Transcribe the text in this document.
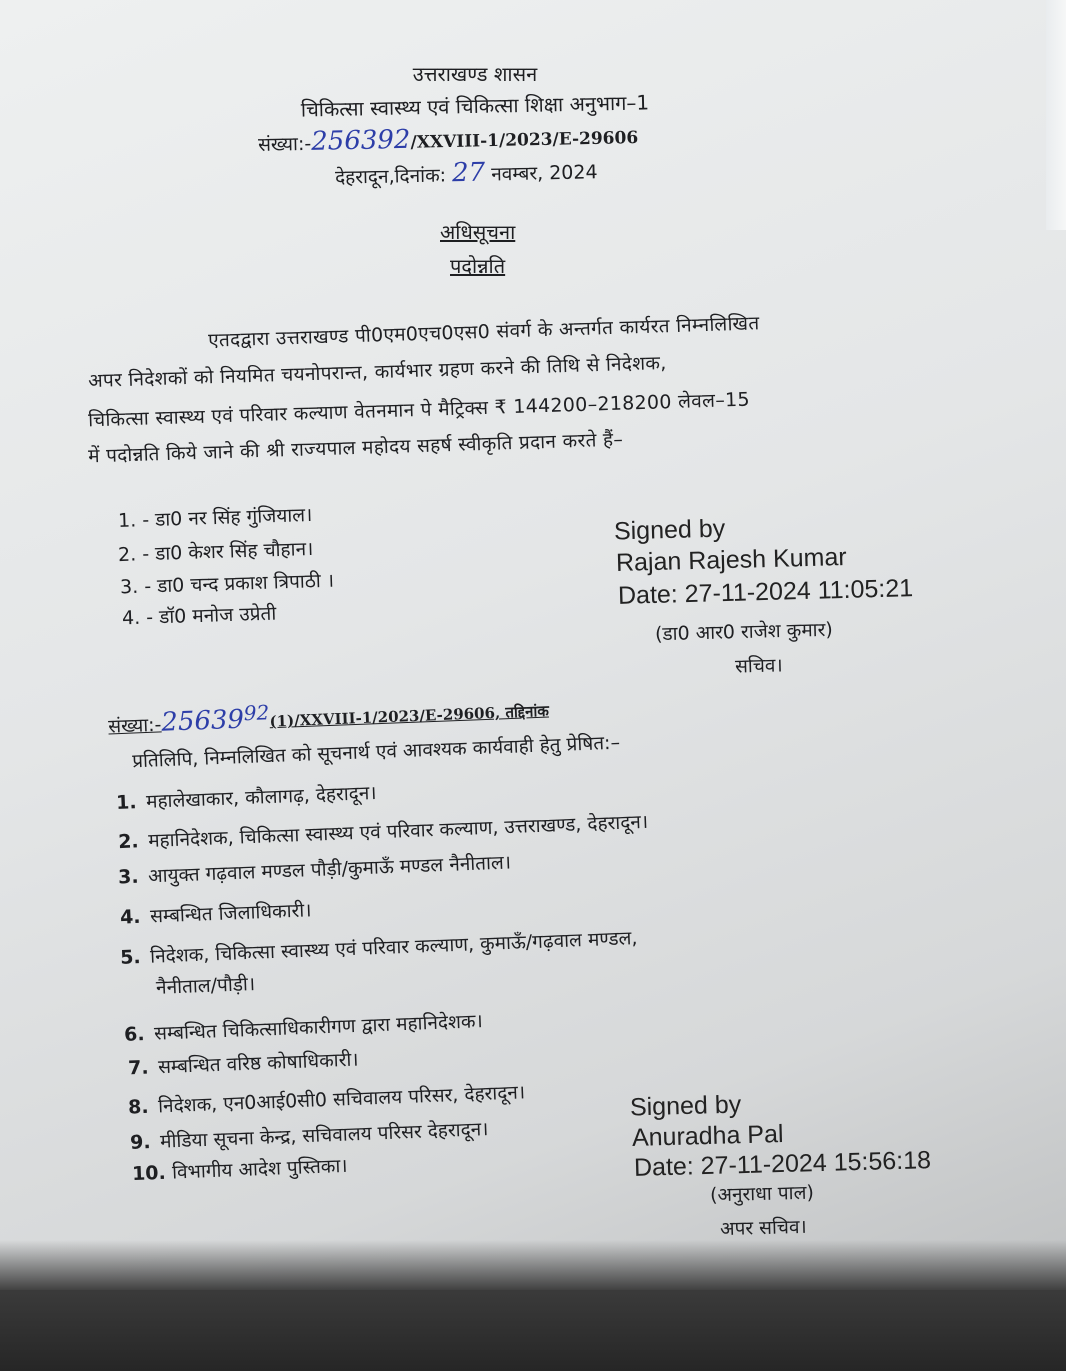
उत्तराखण्ड शासन
चिकित्सा स्वास्थ्य एवं चिकित्सा शिक्षा अनुभाग–1
संख्या:-256392/XXVIII-1/2023/E-29606
देहरादून,दिनांक: 27 नवम्बर, 2024
अधिसूचना
पदोन्नति
एतदद्वारा उत्तराखण्ड पी0एम0एच0एस0 संवर्ग के अन्तर्गत कार्यरत निम्नलिखित
अपर निदेशकों को नियमित चयनोपरान्त, कार्यभार ग्रहण करने की तिथि से निदेशक,
चिकित्सा स्वास्थ्य एवं परिवार कल्याण वेतनमान पे मैट्रिक्स ₹ 144200–218200 लेवल–15
में पदोन्नति किये जाने की श्री राज्यपाल महोदय सहर्ष स्वीकृति प्रदान करते हैं–
1. - डा0 नर सिंह गुंजियाल।
2. - डा0 केशर सिंह चौहान।
3. - डा0 चन्द प्रकाश त्रिपाठी ।
4. - डॉ0 मनोज उप्रेती
Signed by
Rajan Rajesh Kumar
Date: 27-11-2024 11:05:21
(डा0 आर0 राजेश कुमार)
सचिव।
संख्या:-25639$^{92}$(1)/XXVIII-1/2023/E-29606, तद्दिनांक
प्रतिलिपि, निम्नलिखित को सूचनार्थ एवं आवश्यक कार्यवाही हेतु प्रेषित:–
1. महालेखाकार, कौलागढ़, देहरादून।
2. महानिदेशक, चिकित्सा स्वास्थ्य एवं परिवार कल्याण, उत्तराखण्ड, देहरादून।
3. आयुक्त गढ़वाल मण्डल पौड़ी/कुमाऊँ मण्डल नैनीताल।
4. सम्बन्धित जिलाधिकारी।
5. निदेशक, चिकित्सा स्वास्थ्य एवं परिवार कल्याण, कुमाऊँ/गढ़वाल मण्डल,
नैनीताल/पौड़ी।
6. सम्बन्धित चिकित्साधिकारीगण द्वारा महानिदेशक।
7. सम्बन्धित वरिष्ठ कोषाधिकारी।
8. निदेशक, एन0आई0सी0 सचिवालय परिसर, देहरादून।
9. मीडिया सूचना केन्द्र, सचिवालय परिसर देहरादून।
10. विभागीय आदेश पुस्तिका।
Signed by
Anuradha Pal
Date: 27-11-2024 15:56:18
(अनुराधा पाल)
अपर सचिव।
